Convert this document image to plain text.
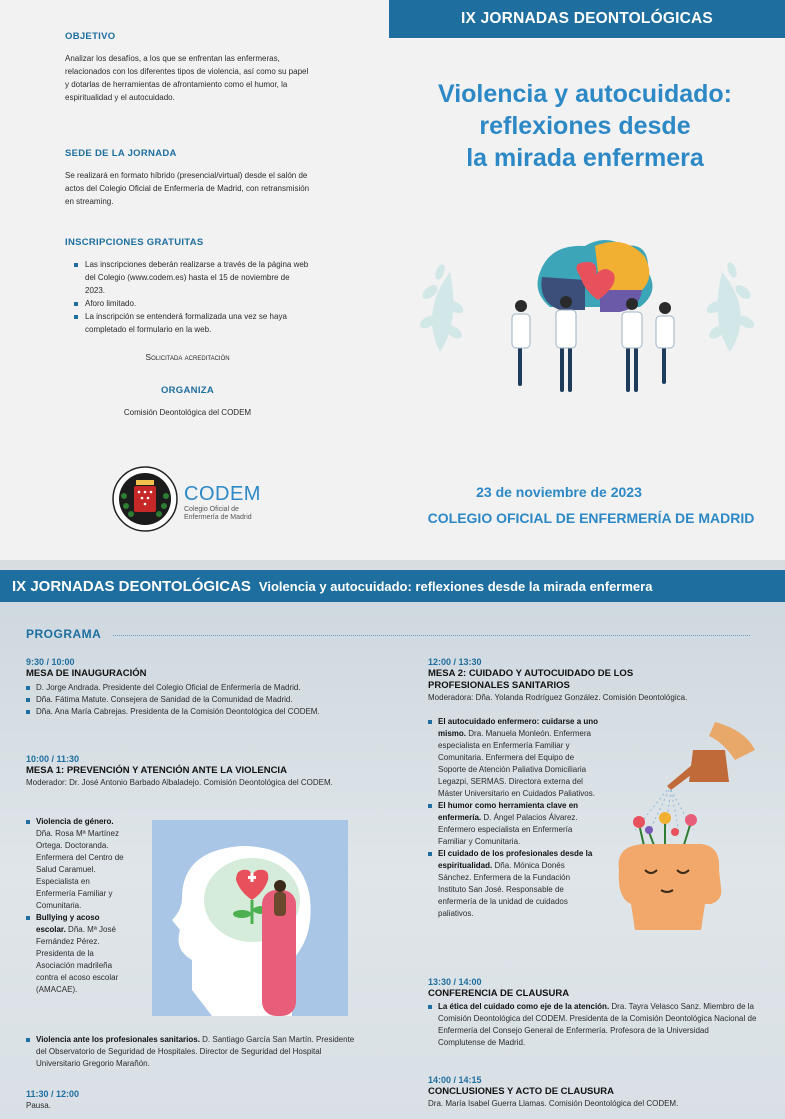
IX JORNADAS DEONTOLÓGICAS
OBJETIVO
Analizar los desafíos, a los que se enfrentan las enfermeras, relacionados con los diferentes tipos de violencia, así como su papel y dotarlas de herramientas de afrontamiento como el humor, la espiritualidad y el autocuidado.
SEDE DE LA JORNADA
Se realizará en formato híbrido (presencial/virtual) desde el salón de actos del Colegio Oficial de Enfermería de Madrid, con retransmisión en streaming.
INSCRIPCIONES GRATUITAS
Las inscripciones deberán realizarse a través de la página web del Colegio (www.codem.es) hasta el 15 de noviembre de 2023.
Aforo limitado.
La inscripción se entenderá formalizada una vez se haya completado el formulario en la web.
Solicitada acreditación
ORGANIZA
Comisión Deontológica del CODEM
CODEM
Colegio Oficial de
Enfermería de Madrid
Violencia y autocuidado:
reflexiones desde
la mirada enfermera
23 de noviembre de 2023
COLEGIO OFICIAL DE ENFERMERÍA DE MADRID
IX JORNADAS DEONTOLÓGICAS Violencia y autocuidado: reflexiones desde la mirada enfermera
PROGRAMA
9:30 / 10:00
MESA DE INAUGURACIÓN
D. Jorge Andrada. Presidente del Colegio Oficial de Enfermería de Madrid.
Dña. Fátima Matute. Consejera de Sanidad de la Comunidad de Madrid.
Dña. Ana María Cabrejas. Presidenta de la Comisión Deontológica del CODEM.
10:00 / 11:30
MESA 1: PREVENCIÓN Y ATENCIÓN ANTE LA VIOLENCIA
Moderador: Dr. José Antonio Barbado Albaladejo. Comisión Deontológica del CODEM.
Violencia de género. Dña. Rosa Mª Martínez Ortega. Doctoranda. Enfermera del Centro de Salud Caramuel. Especialista en Enfermería Familiar y Comunitaria.
Bullying y acoso escolar. Dña. Mª José Fernández Pérez. Presidenta de la Asociación madrileña contra el acoso escolar (AMACAE).
Violencia ante los profesionales sanitarios. D. Santiago García San Martín. Presidente del Observatorio de Seguridad de Hospitales. Director de Seguridad del Hospital Universitario Gregorio Marañón.
11:30 / 12:00
Pausa.
12:00 / 13:30
MESA 2: CUIDADO Y AUTOCUIDADO DE LOS
PROFESIONALES SANITARIOS
Moderadora: Dña. Yolanda Rodríguez González. Comisión Deontológica.
El autocuidado enfermero: cuidarse a uno mismo. Dra. Manuela Monleón. Enfermera especialista en Enfermería Familiar y Comunitaria. Enfermera del Equipo de Soporte de Atención Paliativa Domiciliaria Legazpi, SERMAS. Directora externa del Máster Universitario en Cuidados Paliativos.
El humor como herramienta clave en enfermería. D. Ángel Palacios Álvarez. Enfermero especialista en Enfermería Familiar y Comunitaria.
El cuidado de los profesionales desde la espiritualidad. Dña. Mónica Donés Sánchez. Enfermera de la Fundación Instituto San José. Responsable de enfermería de la unidad de cuidados paliativos.
13:30 / 14:00
CONFERENCIA DE CLAUSURA
La ética del cuidado como eje de la atención. Dra. Tayra Velasco Sanz. Miembro de la Comisión Deontológica del CODEM. Presidenta de la Comisión Deontológica Nacional de Enfermería del Consejo General de Enfermería. Profesora de la Universidad Complutense de Madrid.
14:00 / 14:15
CONCLUSIONES Y ACTO DE CLAUSURA
Dra. María Isabel Guerra Llamas. Comisión Deontológica del CODEM.
